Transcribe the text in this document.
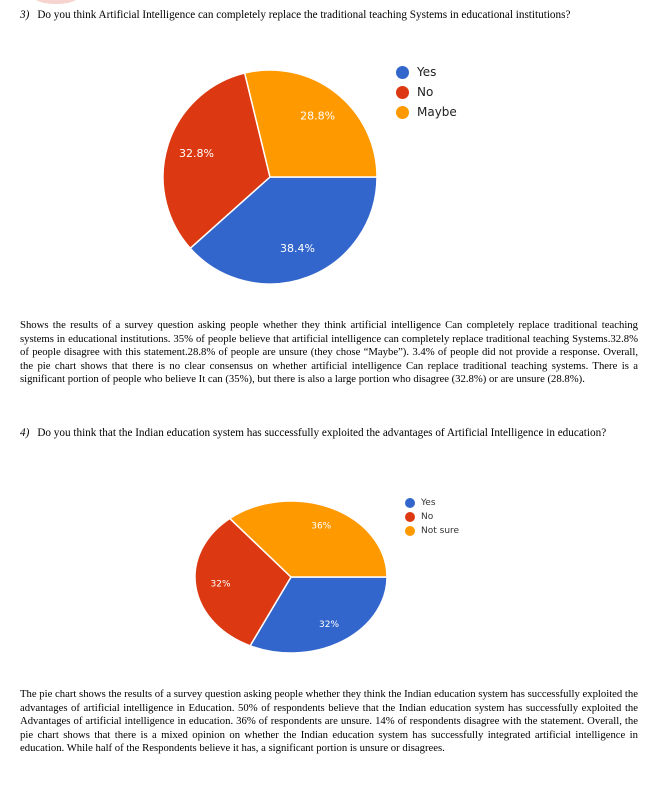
3) Do you think Artificial Intelligence can completely replace the traditional teaching Systems in educational institutions?
38.4%
32.8%
28.8%
Yes
No
Maybe

Shows the results of a survey question asking people whether they think artificial intelligence Can completely replace traditional teaching systems in educational institutions. 35% of people believe that artificial intelligence can completely replace traditional teaching Systems.32.8% of people disagree with this statement.28.8% of people are unsure (they chose “Maybe”). 3.4% of people did not provide a response. Overall, the pie chart shows that there is no clear consensus on whether artificial intelligence Can replace traditional teaching systems. There is a significant portion of people who believe It can (35%), but there is also a large portion who disagree (32.8%) or are unsure (28.8%).

4) Do you think that the Indian education system has successfully exploited the advantages of Artificial Intelligence in education?
32%
32%
36%
Yes
No
Not sure

The pie chart shows the results of a survey question asking people whether they think the Indian education system has successfully exploited the advantages of artificial intelligence in Education. 50% of respondents believe that the Indian education system has successfully exploited the Advantages of artificial intelligence in education. 36% of respondents are unsure. 14% of respondents disagree with the statement. Overall, the pie chart shows that there is a mixed opinion on whether the Indian education system has successfully integrated artificial intelligence in education. While half of the Respondents believe it has, a significant portion is unsure or disagrees.
